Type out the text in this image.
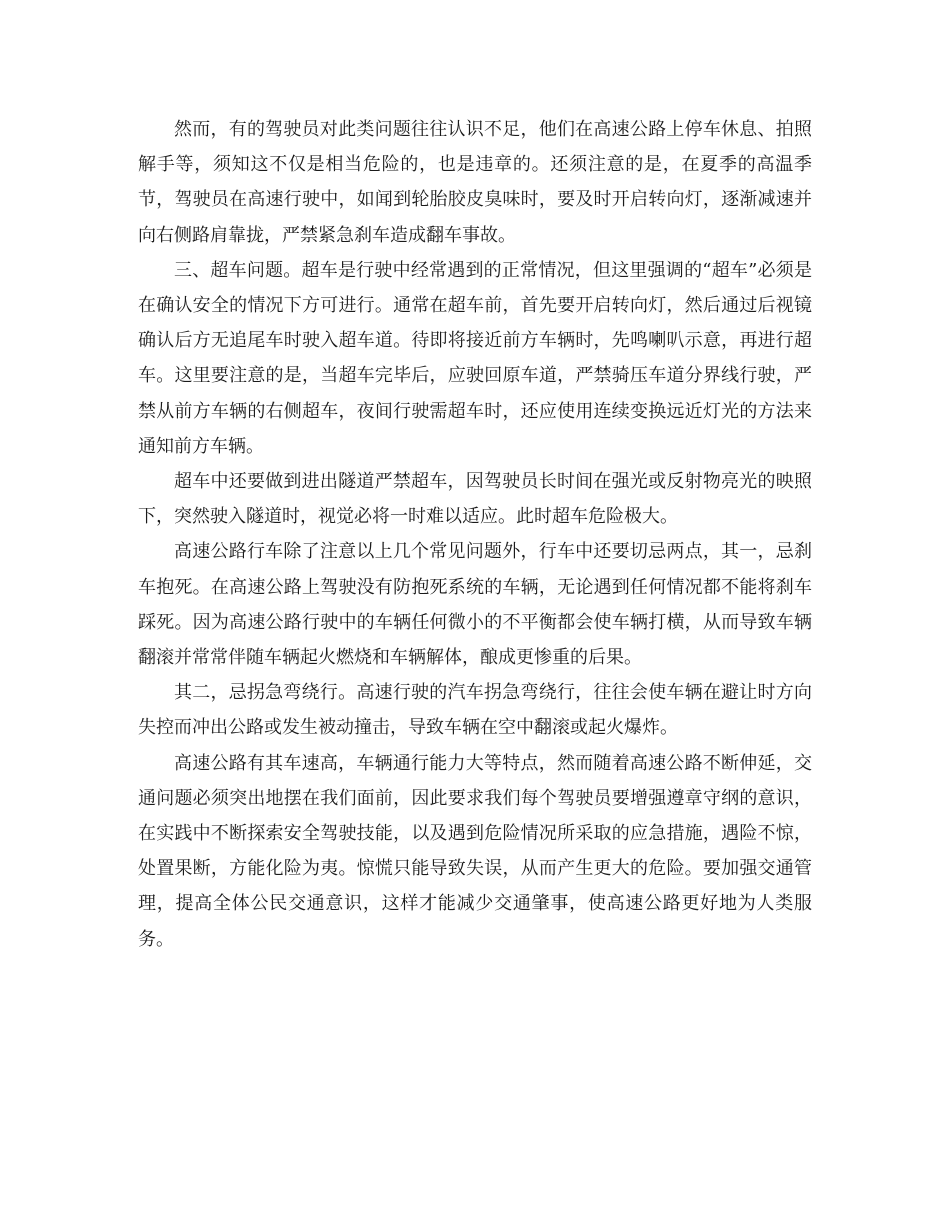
然而，有的驾驶员对此类问题往往认识不足，他们在高速公路上停车休息、拍照解手等，须知这不仅是相当危险的，也是违章的。还须注意的是，在夏季的高温季节，驾驶员在高速行驶中，如闻到轮胎胶皮臭味时，要及时开启转向灯，逐渐减速并向右侧路肩靠拢，严禁紧急刹车造成翻车事故。

三、超车问题。超车是行驶中经常遇到的正常情况，但这里强调的“超车”必须是在确认安全的情况下方可进行。通常在超车前，首先要开启转向灯，然后通过后视镜确认后方无追尾车时驶入超车道。待即将接近前方车辆时，先鸣喇叭示意，再进行超车。这里要注意的是，当超车完毕后，应驶回原车道，严禁骑压车道分界线行驶，严禁从前方车辆的右侧超车，夜间行驶需超车时，还应使用连续变换远近灯光的方法来通知前方车辆。

超车中还要做到进出隧道严禁超车，因驾驶员长时间在强光或反射物亮光的映照下，突然驶入隧道时，视觉必将一时难以适应。此时超车危险极大。

高速公路行车除了注意以上几个常见问题外，行车中还要切忌两点，其一，忌刹车抱死。在高速公路上驾驶没有防抱死系统的车辆，无论遇到任何情况都不能将刹车踩死。因为高速公路行驶中的车辆任何微小的不平衡都会使车辆打横，从而导致车辆翻滚并常常伴随车辆起火燃烧和车辆解体，酿成更惨重的后果。

其二，忌拐急弯绕行。高速行驶的汽车拐急弯绕行，往往会使车辆在避让时方向失控而冲出公路或发生被动撞击，导致车辆在空中翻滚或起火爆炸。

高速公路有其车速高，车辆通行能力大等特点，然而随着高速公路不断伸延，交通问题必须突出地摆在我们面前，因此要求我们每个驾驶员要增强遵章守纲的意识，在实践中不断探索安全驾驶技能，以及遇到危险情况所采取的应急措施，遇险不惊，处置果断，方能化险为夷。惊慌只能导致失误，从而产生更大的危险。要加强交通管理，提高全体公民交通意识，这样才能减少交通肇事，使高速公路更好地为人类服务。
